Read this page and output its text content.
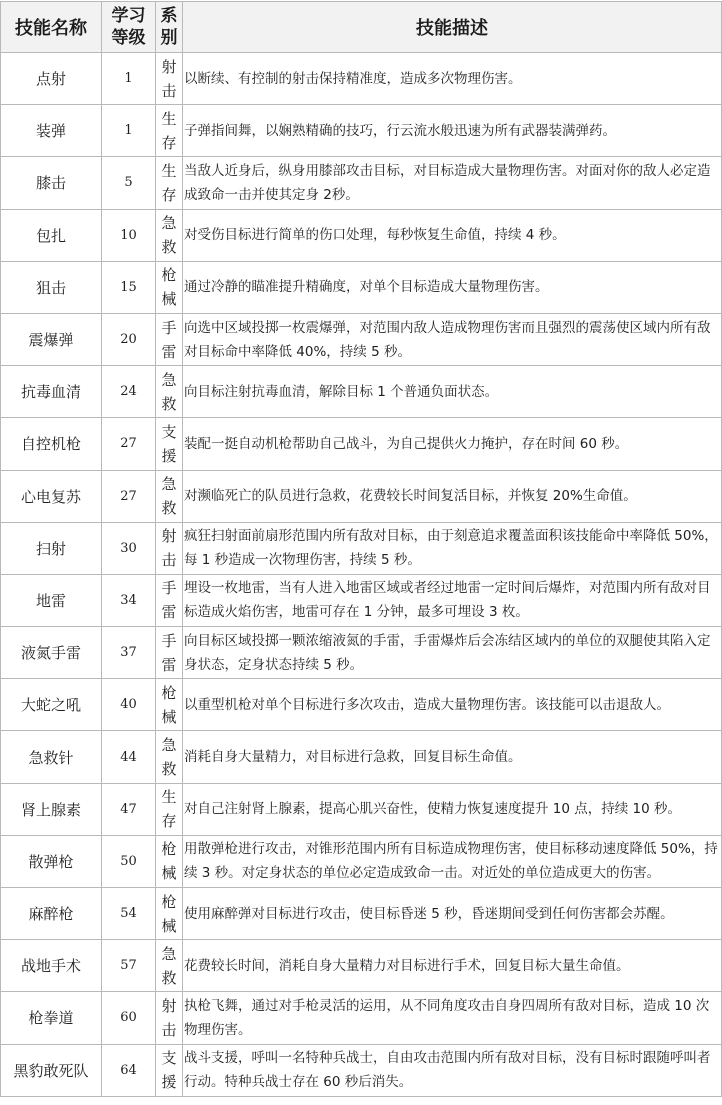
技能名称	学习等级	系别	技能描述
点射	1	射击	以断续、有控制的射击保持精准度，造成多次物理伤害。
装弹	1	生存	子弹指间舞，以娴熟精确的技巧，行云流水般迅速为所有武器装满弹药。
膝击	5	生存	当敌人近身后，纵身用膝部攻击目标，对目标造成大量物理伤害。对面对你的敌人必定造成致命一击并使其定身 2秒。
包扎	10	急救	对受伤目标进行简单的伤口处理，每秒恢复生命值，持续 4 秒。
狙击	15	枪械	通过冷静的瞄准提升精确度，对单个目标造成大量物理伤害。
震爆弹	20	手雷	向选中区域投掷一枚震爆弹，对范围内敌人造成物理伤害而且强烈的震荡使区域内所有敌对目标命中率降低 40%，持续 5 秒。
抗毒血清	24	急救	向目标注射抗毒血清，解除目标 1 个普通负面状态。
自控机枪	27	支援	装配一挺自动机枪帮助自己战斗，为自己提供火力掩护，存在时间 60 秒。
心电复苏	27	急救	对濒临死亡的队员进行急救，花费较长时间复活目标，并恢复 20%生命值。
扫射	30	射击	疯狂扫射面前扇形范围内所有敌对目标，由于刻意追求覆盖面积该技能命中率降低 50%，每 1 秒造成一次物理伤害，持续 5 秒。
地雷	34	手雷	埋设一枚地雷，当有人进入地雷区域或者经过地雷一定时间后爆炸，对范围内所有敌对目标造成火焰伤害，地雷可存在 1 分钟，最多可埋设 3 枚。
液氮手雷	37	手雷	向目标区域投掷一颗浓缩液氮的手雷，手雷爆炸后会冻结区域内的单位的双腿使其陷入定身状态，定身状态持续 5 秒。
大蛇之吼	40	枪械	以重型机枪对单个目标进行多次攻击，造成大量物理伤害。该技能可以击退敌人。
急救针	44	急救	消耗自身大量精力，对目标进行急救，回复目标生命值。
肾上腺素	47	生存	对自己注射肾上腺素，提高心肌兴奋性，使精力恢复速度提升 10 点，持续 10 秒。
散弹枪	50	枪械	用散弹枪进行攻击，对锥形范围内所有目标造成物理伤害，使目标移动速度降低 50%，持续 3 秒。对定身状态的单位必定造成致命一击。对近处的单位造成更大的伤害。
麻醉枪	54	枪械	使用麻醉弹对目标进行攻击，使目标昏迷 5 秒，昏迷期间受到任何伤害都会苏醒。
战地手术	57	急救	花费较长时间，消耗自身大量精力对目标进行手术，回复目标大量生命值。
枪拳道	60	射击	执枪飞舞，通过对手枪灵活的运用，从不同角度攻击自身四周所有敌对目标，造成 10 次物理伤害。
黑豹敢死队	64	支援	战斗支援，呼叫一名特种兵战士，自由攻击范围内所有敌对目标，没有目标时跟随呼叫者行动。特种兵战士存在 60 秒后消失。
